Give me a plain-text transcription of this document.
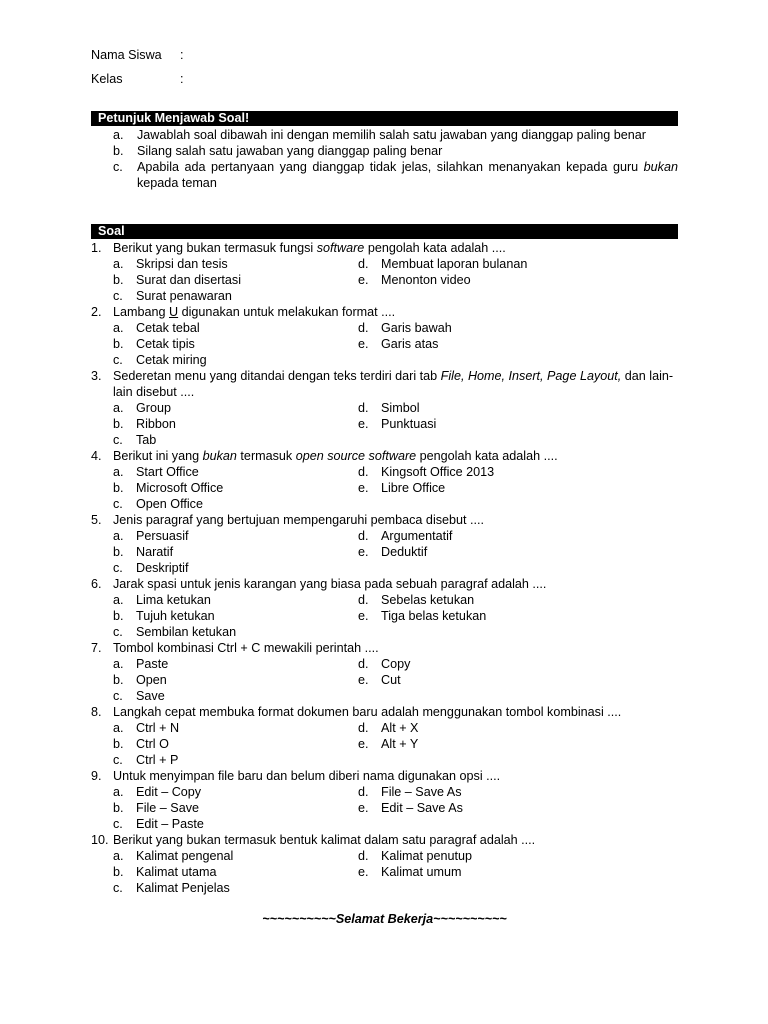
Nama Siswa :
Kelas	:
Petunjuk Menjawab Soal!
a. Jawablah soal dibawah ini dengan memilih salah satu jawaban yang dianggap paling benar
b. Silang salah satu jawaban yang dianggap paling benar
c. Apabila ada pertanyaan yang dianggap tidak jelas, silahkan menanyakan kepada guru bukan kepada teman
Soal
1. Berikut yang bukan termasuk fungsi software pengolah kata adalah ....
a. Skripsi dan tesis	d. Membuat laporan bulanan
b. Surat dan disertasi	e. Menonton video
c. Surat penawaran
2. Lambang U digunakan untuk melakukan format ....
a. Cetak tebal	d. Garis bawah
b. Cetak tipis	e. Garis atas
c. Cetak miring
3. Sederetan menu yang ditandai dengan teks terdiri dari tab File, Home, Insert, Page Layout, dan lain-lain disebut ....
a. Group	d. Simbol
b. Ribbon	e. Punktuasi
c. Tab
4. Berikut ini yang bukan termasuk open source software pengolah kata adalah ....
a. Start Office	d. Kingsoft Office 2013
b. Microsoft Office	e. Libre Office
c. Open Office
5. Jenis paragraf yang bertujuan mempengaruhi pembaca disebut ....
a. Persuasif	d. Argumentatif
b. Naratif	e. Deduktif
c. Deskriptif
6. Jarak spasi untuk jenis karangan yang biasa pada sebuah paragraf adalah ....
a. Lima ketukan	d. Sebelas ketukan
b. Tujuh ketukan	e. Tiga belas ketukan
c. Sembilan ketukan
7. Tombol kombinasi Ctrl + C mewakili perintah ....
a. Paste	d. Copy
b. Open	e. Cut
c. Save
8. Langkah cepat membuka format dokumen baru adalah menggunakan tombol kombinasi ....
a. Ctrl + N	d. Alt + X
b. Ctrl O	e. Alt + Y
c. Ctrl + P
9. Untuk menyimpan file baru dan belum diberi nama digunakan opsi ....
a. Edit – Copy	d. File – Save As
b. File – Save	e. Edit – Save As
c. Edit – Paste
10. Berikut yang bukan termasuk bentuk kalimat dalam satu paragraf adalah ....
a. Kalimat pengenal	d. Kalimat penutup
b. Kalimat utama	e. Kalimat umum
c. Kalimat Penjelas
~~~~~~~~~~Selamat Bekerja~~~~~~~~~~
